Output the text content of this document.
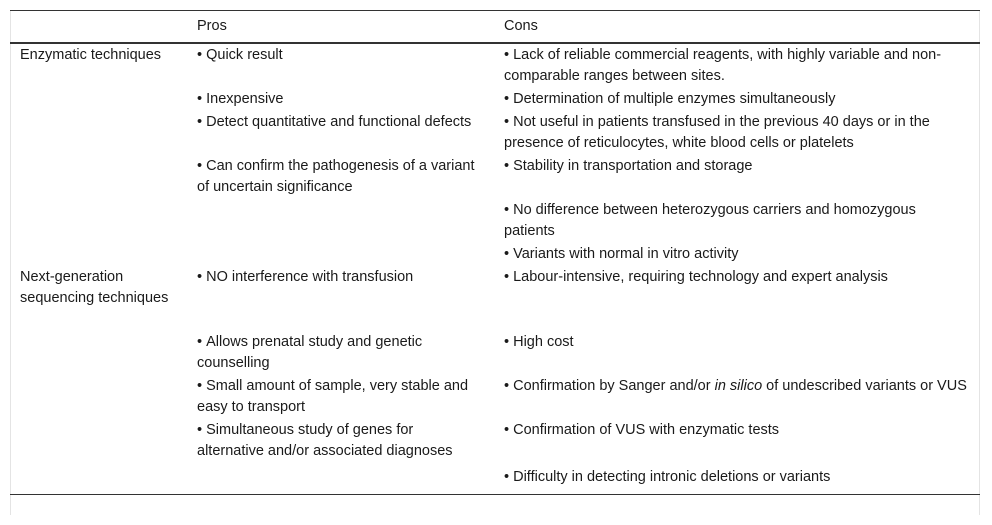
	Pros	Cons
Enzymatic techniques	• Quick result	• Lack of reliable commercial reagents, with highly variable and non-comparable ranges between sites.
	• Inexpensive	• Determination of multiple enzymes simultaneously
	• Detect quantitative and functional defects	• Not useful in patients transfused in the previous 40 days or in the presence of reticulocytes, white blood cells or platelets
	• Can confirm the pathogenesis of a variant of uncertain significance	• Stability in transportation and storage
		• No difference between heterozygous carriers and homozygous patients
		• Variants with normal in vitro activity
Next-generation sequencing techniques	• NO interference with transfusion	• Labour-intensive, requiring technology and expert analysis
	• Allows prenatal study and genetic counselling	• High cost
	• Small amount of sample, very stable and easy to transport	• Confirmation by Sanger and/or in silico of undescribed variants or VUS
	• Simultaneous study of genes for alternative and/or associated diagnoses	• Confirmation of VUS with enzymatic tests
		• Difficulty in detecting intronic deletions or variants
